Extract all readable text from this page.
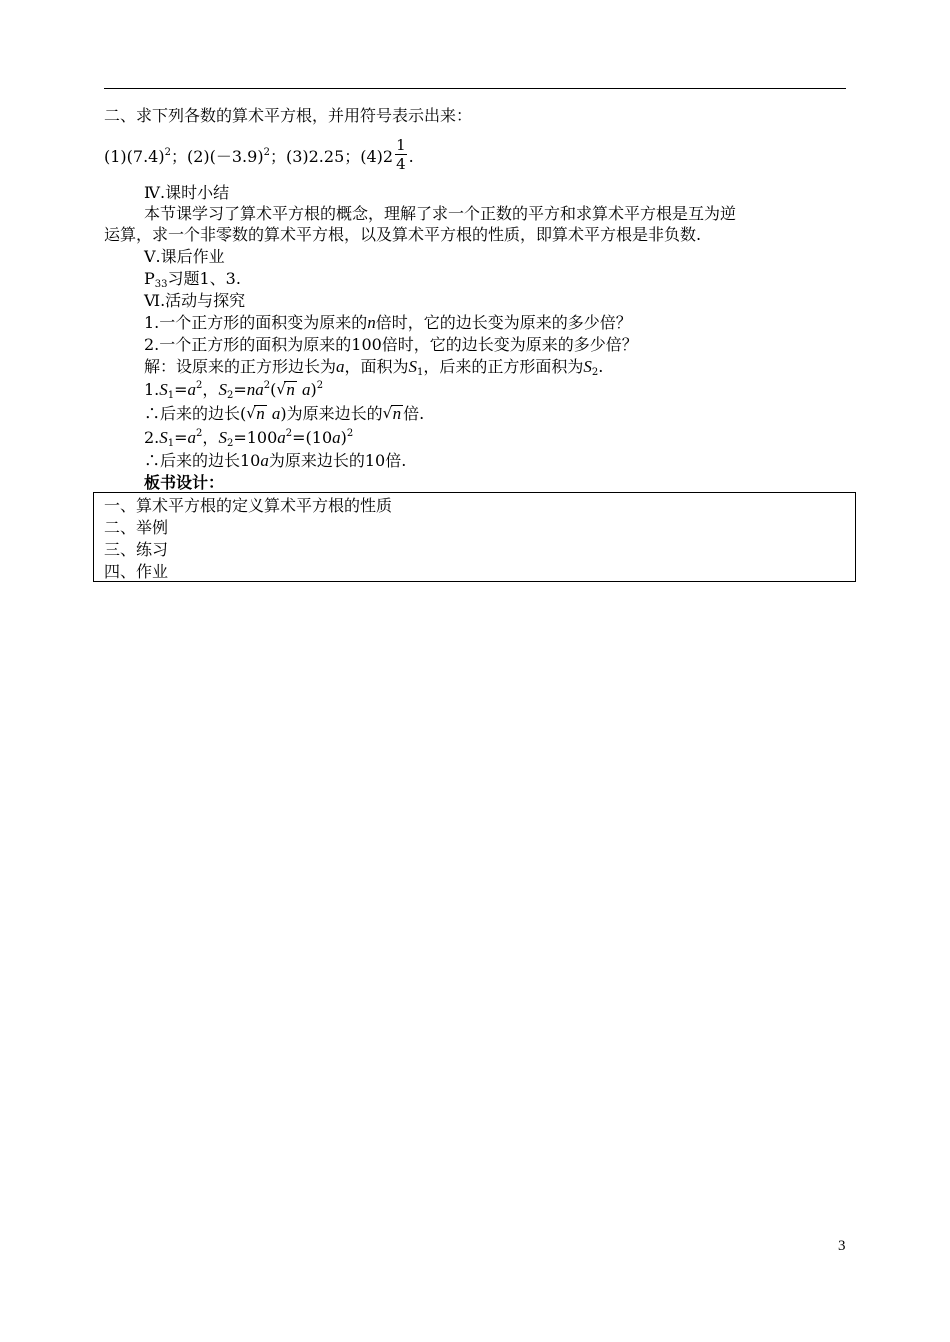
二、求下列各数的算术平方根，并用符号表示出来：
$(1)(7.4)^2$；$(2)(-3.9)^2$；(3)2.25；$(4)2 \frac{1}{4}$ .
Ⅳ.课时小结
本节课学习了算术平方根的概念，理解了求一个正数的平方和求算术平方根是互为逆
运算，求一个非零数的算术平方根，以及算术平方根的性质，即算术平方根是非负数.
Ⅴ.课后作业
$P_{33}$习题1、3.
Ⅵ.活动与探究
1.一个正方形的面积变为原来的n倍时，它的边长变为原来的多少倍？
2.一个正方形的面积为原来的100倍时，它的边长变为原来的多少倍？
解：设原来的正方形边长为a，面积为$S_1$，后来的正方形面积为$S_2$.
$1.S_1=a^2$，$S_2=na^2$( √ n a)$^2$
∴后来的边长( √ n a)为原来边长的 √ n 倍.
$2.S_1=a^2$，$S_2=100a^2=(10a)^2$
∴后来的边长10a为原来边长的10倍.
板书设计：
一、算术平方根的定义算术平方根的性质
二、举例
三、练习
四、作业
3
